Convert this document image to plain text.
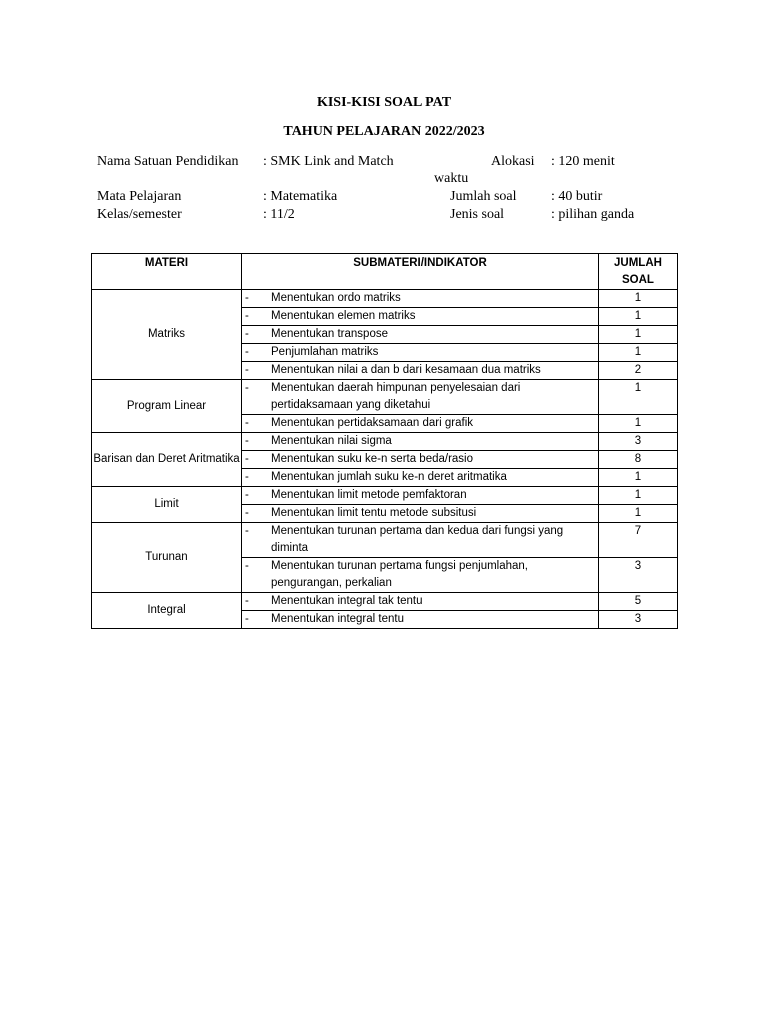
KISI-KISI SOAL PAT
TAHUN PELAJARAN 2022/2023
Nama Satuan Pendidikan : SMK Link and Match	Alokasi : 120 menit
waktu
Mata Pelajaran	: Matematika	Jumlah soal : 40 butir
Kelas/semester	: 11/2	Jenis soal	: pilihan ganda
MATERI	SUBMATERI/INDIKATOR		JUMLAH
SOAL

Matriks	-	Menentukan ordo matriks	1
	-	Menentukan elemen matriks	1
	-	Menentukan transpose	1
	-	Penjumlahan matriks	1
	-	Menentukan nilai a dan b dari kesamaan dua matriks	2
Program Linear	-	Menentukan daerah himpunan penyelesaian dari pertidaksamaan yang diketahui	1
	-	Menentukan pertidaksamaan dari grafik	1
Barisan dan Deret Aritmatika	-	Menentukan nilai sigma	3
	-	Menentukan suku ke-n serta beda/rasio	8
	-	Menentukan jumlah suku ke-n deret aritmatika	1
Limit	-	Menentukan limit metode pemfaktoran	1
	-	Menentukan limit tentu metode subsitusi	1
Turunan	-	Menentukan turunan pertama dan kedua dari fungsi yang diminta	7
	-	Menentukan turunan pertama fungsi penjumlahan, pengurangan, perkalian	3
Integral	-	Menentukan integral tak tentu	5
	-	Menentukan integral tentu	3
